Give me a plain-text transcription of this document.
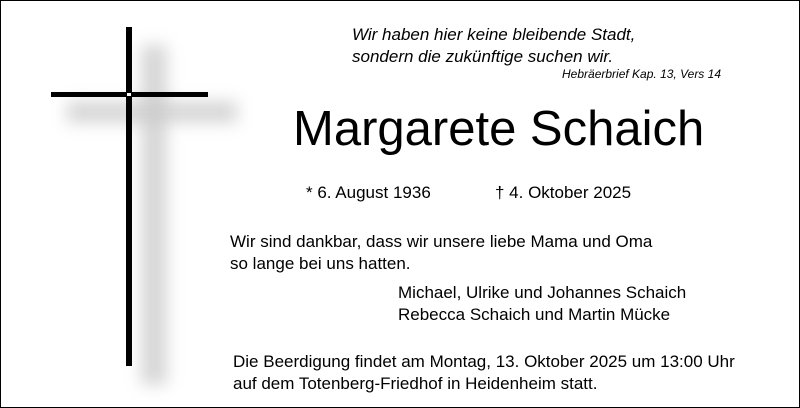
Wir haben hier keine bleibende Stadt,
sondern die zukünftige suchen wir.
Hebräerbrief Kap. 13, Vers 14
Margarete Schaich
* 6. August 1936	† 4. Oktober 2025
Wir sind dankbar, dass wir unsere liebe Mama und Oma
so lange bei uns hatten.
Michael, Ulrike und Johannes Schaich
Rebecca Schaich und Martin Mücke
Die Beerdigung findet am Montag, 13. Oktober 2025 um 13:00 Uhr
auf dem Totenberg-Friedhof in Heidenheim statt.
